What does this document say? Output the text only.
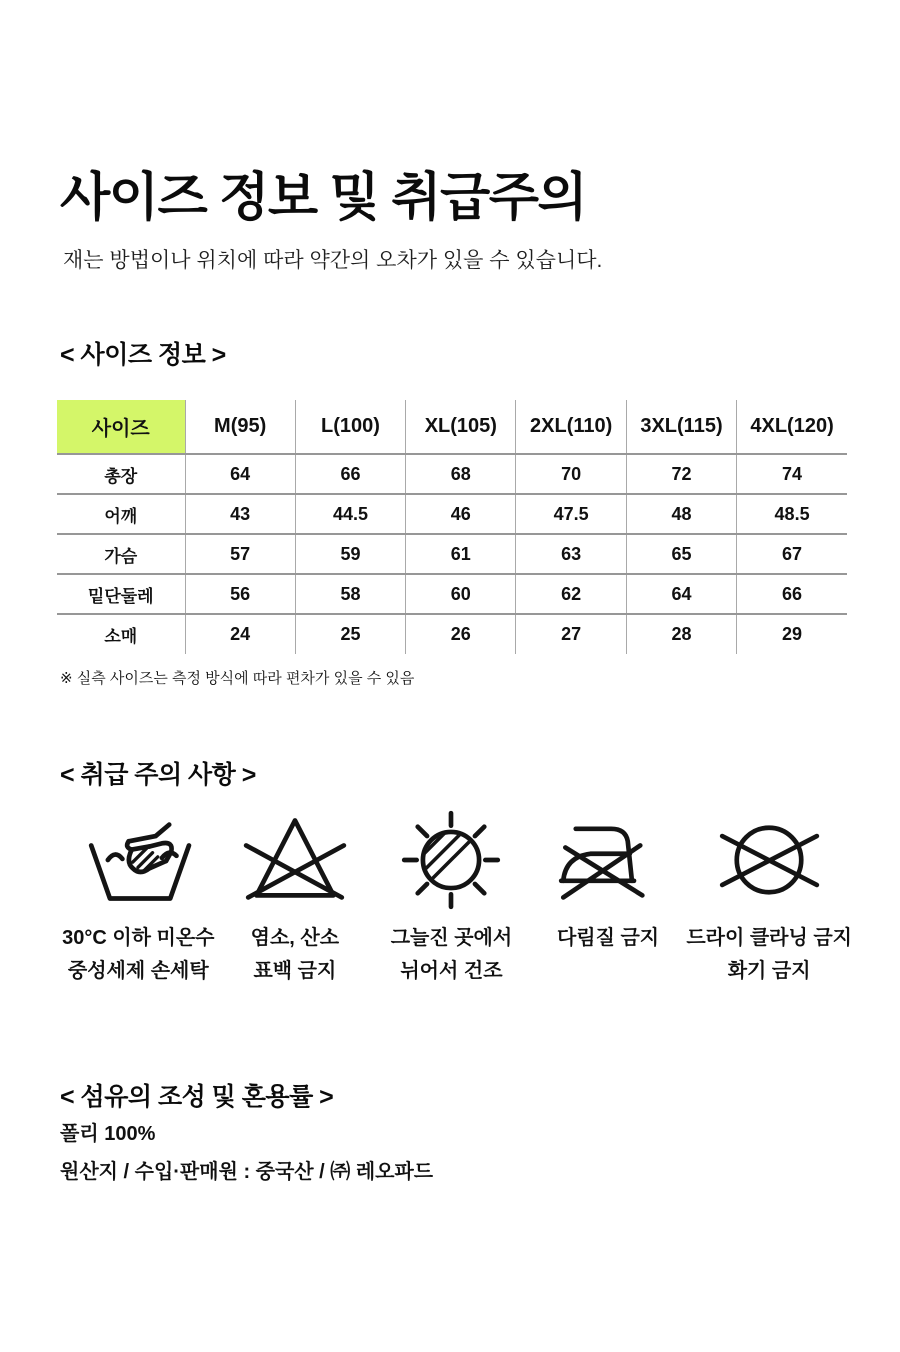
사이즈 정보 및 취급주의

재는 방법이나 위치에 따라 약간의 오차가 있을 수 있습니다.

< 사이즈 정보 >
사이즈	M(95)	L(100)	XL(105)	2XL(110)	3XL(115)	4XL(120)
총장	64	66	68	70	72	74
어깨	43	44.5	46	47.5	48	48.5
가슴	57	59	61	63	65	67
밑단둘레	56	58	60	62	64	66
소매	24	25	26	27	28	29

※ 실측 사이즈는 측정 방식에 따라 편차가 있을 수 있음

< 취급 주의 사항 >
30°C 이하 미온수
중성세제 손세탁
염소, 산소
표백 금지
그늘진 곳에서
뉘어서 건조
다림질 금지 드라이 클라닝 금지
화기 금지
< 섬유의 조성 및 혼용률 >

폴리 100%

원산지 / 수입·판매원 : 중국산 / ㈜ 레오파드
